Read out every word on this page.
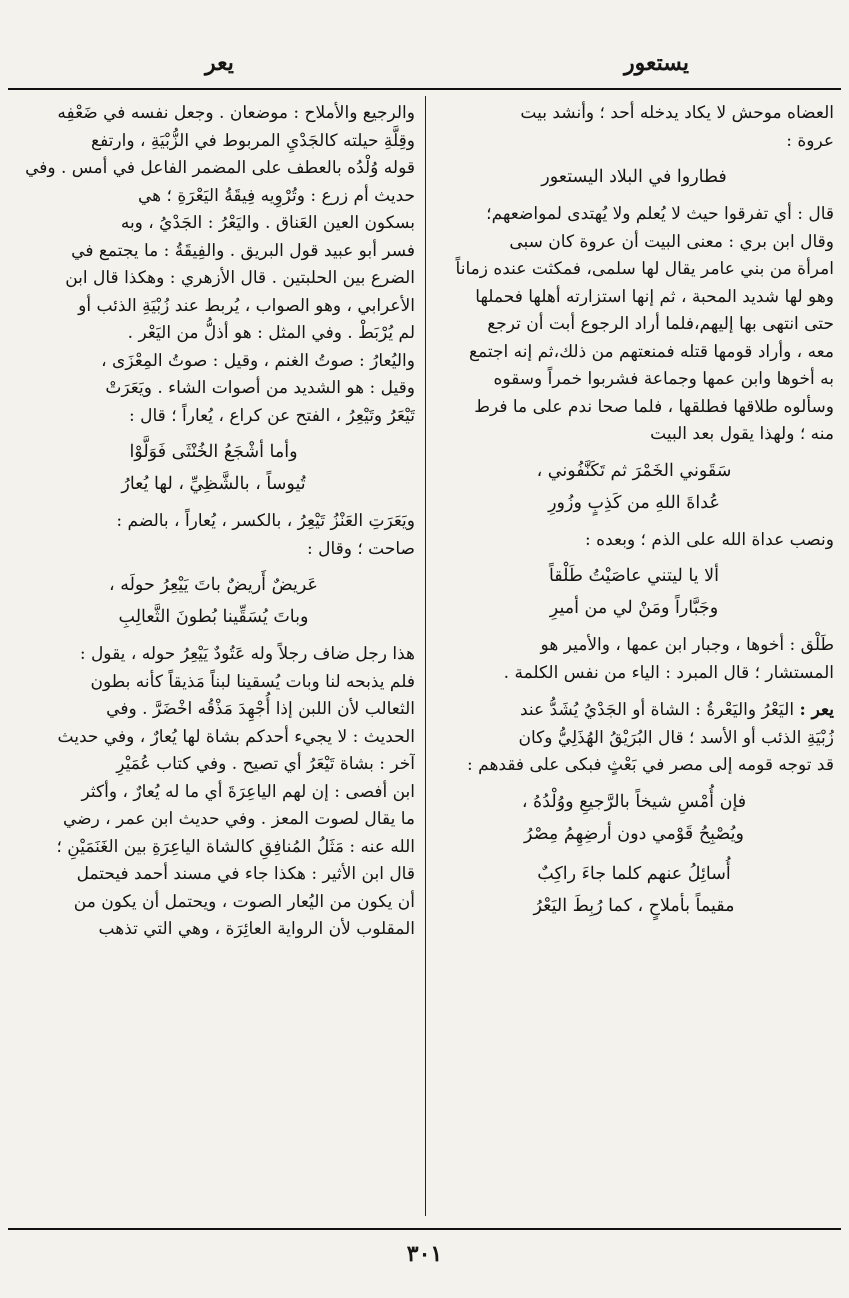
يستعور
يعر

العضاه موحش لا يكاد يدخله أحد ؛ وأنشد بيت
عروة :

فطاروا في البلاد اليستعور

قال : أي تفرقوا حيث لا يُعلم ولا يُهتدى لمواضعهم؛
وقال ابن بري : معنى البيت أن عروة كان سبى
امرأة من بني عامر يقال لها سلمى، فمكثت عنده زماناً
وهو لها شديد المحبة ، ثم إنها استزارته أهلها فحملها
حتى انتهى بها إليهم،فلما أراد الرجوع أبت أن ترجع
معه ، وأراد قومها قتله فمنعتهم من ذلك،ثم إنه اجتمع
به أخوها وابن عمها وجماعة فشربوا خمراً وسقوه
وسألوه طلاقها فطلقها ، فلما صحا ندم على ما فرط
منه ؛ ولهذا يقول بعد البيت

سَقَوني الخَمْرَ ثم تَكَنَّفُوني ،
عُداةَ اللهِ من كَذِبٍ وزُورِ

ونصب عداة الله على الذم ؛ وبعده :

ألا يا ليتني عاصَيْتُ طَلْقاً
وجَبَّاراً ومَنْ لي من أميرِ

طَلْق : أخوها ، وجبار ابن عمها ، والأمير هو
المستشار ؛ قال المبرد : الياء من نفس الكلمة .

يعر : اليَعْرُ واليَعْرةُ : الشاة أو الجَدْيُ يُشَدُّ عند
زُبْيَةِ الذئب أو الأسد ؛ قال البُرَيْقُ الهُذَلِيُّ وكان
قد توجه قومه إلى مصر في بَعْثٍ فبكى على فقدهم :

فإن أُمْسِ شيخاً بالرَّجيعِ ووُلْدُهُ ،
ويُصْبِحُ قَوْمي دون أرضِهِمُ مِصْرُ
أُسائِلُ عنهم كلما جاءَ راكِبٌ
مقيماً بأملاحٍ ، كما رُبِطَ اليَعْرُ

والرجيع والأملاح : موضعان . وجعل نفسه في ضَعْفِه
وقِلَّةِ حيلته كالجَدْيِ المربوط في الزُّبْيَةِ ، وارتفع
قوله وُلْدُه بالعطف على المضمر الفاعل في أمس . وفي
حديث أم زرع : وتُرْوِيه فِيقَةُ اليَعْرَةِ ؛ هي
بسكون العين العَناق . واليَعْرُ : الجَدْيُ ، وبه
فسر أبو عبيد قول البريق . والفِيقَةُ : ما يجتمع في
الضرع بين الحلبتين . قال الأزهري : وهكذا قال ابن
الأعرابي ، وهو الصواب ، يُربط عند زُبْيَةِ الذئب أو
لم يُرْبَطْ . وفي المثل : هو أذلُّ من اليَعْر .
واليُعارُ : صوتُ الغنم ، وقيل : صوتُ المِعْزَى ،
وقيل : هو الشديد من أصوات الشاء . ويَعَرَتْ
تَيْعَرُ وتَيْعِرُ ، الفتح عن كراع ، يُعاراً ؛ قال :

وأما أشْجَعُ الخُنْثَى فَوَلَّوْا
تُيوساً ، بالشَّظِيِّ ، لها يُعارُ

ويَعَرَتِ العَنْزُ تَيْعِرُ ، بالكسر ، يُعاراً ، بالضم :
صاحت ؛ وقال :

عَريضٌ أَريضٌ باتَ يَيْعِرُ حولَه ،
وباتَ يُسَقِّينا بُطونَ الثَّعالِبِ

هذا رجل ضاف رجلاً وله عَتُودٌ يَيْعِرُ حوله ، يقول :
فلم يذبحه لنا وبات يُسقينا لبناً مَذيقاً كأنه بطون
الثعالب لأن اللبن إذا أُجْهِدَ مَذْقُه اخْضَرَّ . وفي
الحديث : لا يجيء أحدكم بشاة لها يُعارٌ ، وفي حديث
آخر : بشاة تَيْعَرُ أي تصيح . وفي كتاب عُمَيْرِ
ابن أفصى : إن لهم الياعِرَةَ أي ما له يُعارٌ ، وأكثر
ما يقال لصوت المعز . وفي حديث ابن عمر ، رضي
الله عنه : مَثَلُ المُنافِقِ كالشاة الياعِرَةِ بين الغَنَمَيْنِ ؛
قال ابن الأثير : هكذا جاء في مسند أحمد فيحتمل
أن يكون من اليُعار الصوت ، ويحتمل أن يكون من
المقلوب لأن الرواية العائِرَة ، وهي التي تذهب

٣٠١
